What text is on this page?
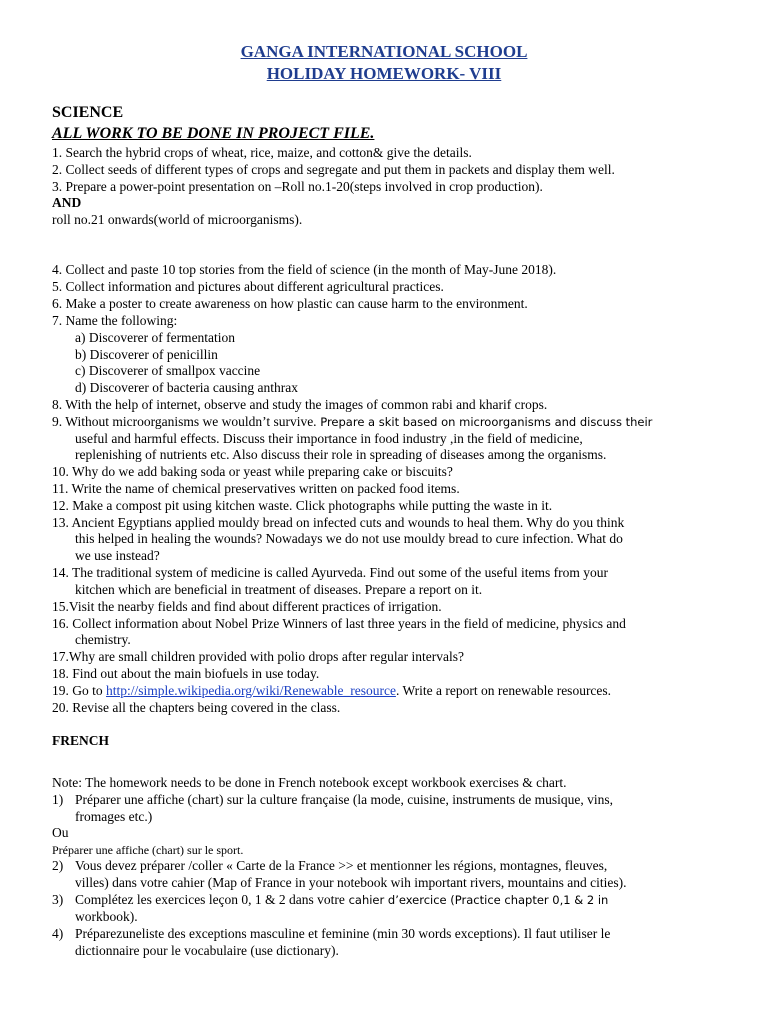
GANGA INTERNATIONAL SCHOOL
HOLIDAY HOMEWORK- VIII
SCIENCE
ALL WORK TO BE DONE IN PROJECT FILE.
1. Search the hybrid crops of wheat, rice, maize, and cotton& give the details.
2. Collect seeds of different types of crops and segregate and put them in packets and display them well.
3. Prepare a power-point presentation on –Roll no.1-20(steps involved in crop production).
AND
roll no.21 onwards(world of microorganisms).
4. Collect and paste 10 top stories from the field of science (in the month of May-June 2018).
5. Collect information and pictures about different agricultural practices.
6. Make a poster to create awareness on how plastic can cause harm to the environment.
7. Name the following:
a) Discoverer of fermentation
b) Discoverer of penicillin
c) Discoverer of smallpox vaccine
d) Discoverer of bacteria causing anthrax
8. With the help of internet, observe and study the images of common rabi and kharif crops.
9. Without microorganisms we wouldn’t survive. Prepare a skit based on microorganisms and discuss their
useful and harmful effects. Discuss their importance in food industry ,in the field of medicine,
replenishing of nutrients etc. Also discuss their role in spreading of diseases among the organisms.
10. Why do we add baking soda or yeast while preparing cake or biscuits?
11. Write the name of chemical preservatives written on packed food items.
12. Make a compost pit using kitchen waste. Click photographs while putting the waste in it.
13. Ancient Egyptians applied mouldy bread on infected cuts and wounds to heal them. Why do you think
this helped in healing the wounds? Nowadays we do not use mouldy bread to cure infection. What do
we use instead?
14. The traditional system of medicine is called Ayurveda. Find out some of the useful items from your
kitchen which are beneficial in treatment of diseases. Prepare a report on it.
15.Visit the nearby fields and find about different practices of irrigation.
16. Collect information about Nobel Prize Winners of last three years in the field of medicine, physics and
chemistry.
17.Why are small children provided with polio drops after regular intervals?
18. Find out about the main biofuels in use today.
19. Go to http://simple.wikipedia.org/wiki/Renewable_resource. Write a report on renewable resources.
20. Revise all the chapters being covered in the class.
FRENCH
Note: The homework needs to be done in French notebook except workbook exercises & chart.
1) Préparer une affiche (chart) sur la culture française (la mode, cuisine, instruments de musique, vins,
fromages etc.)
Ou
Préparer une affiche (chart) sur le sport.
2) Vous devez préparer /coller « Carte de la France >> et mentionner les régions, montagnes, fleuves,
villes) dans votre cahier (Map of France in your notebook wih important rivers, mountains and cities).
3) Complétez les exercices leçon 0, 1 & 2 dans votre cahier d’exercice (Practice chapter 0,1 & 2 in
workbook).
4) Préparezuneliste des exceptions masculine et feminine (min 30 words exceptions). Il faut utiliser le
dictionnaire pour le vocabulaire (use dictionary).
